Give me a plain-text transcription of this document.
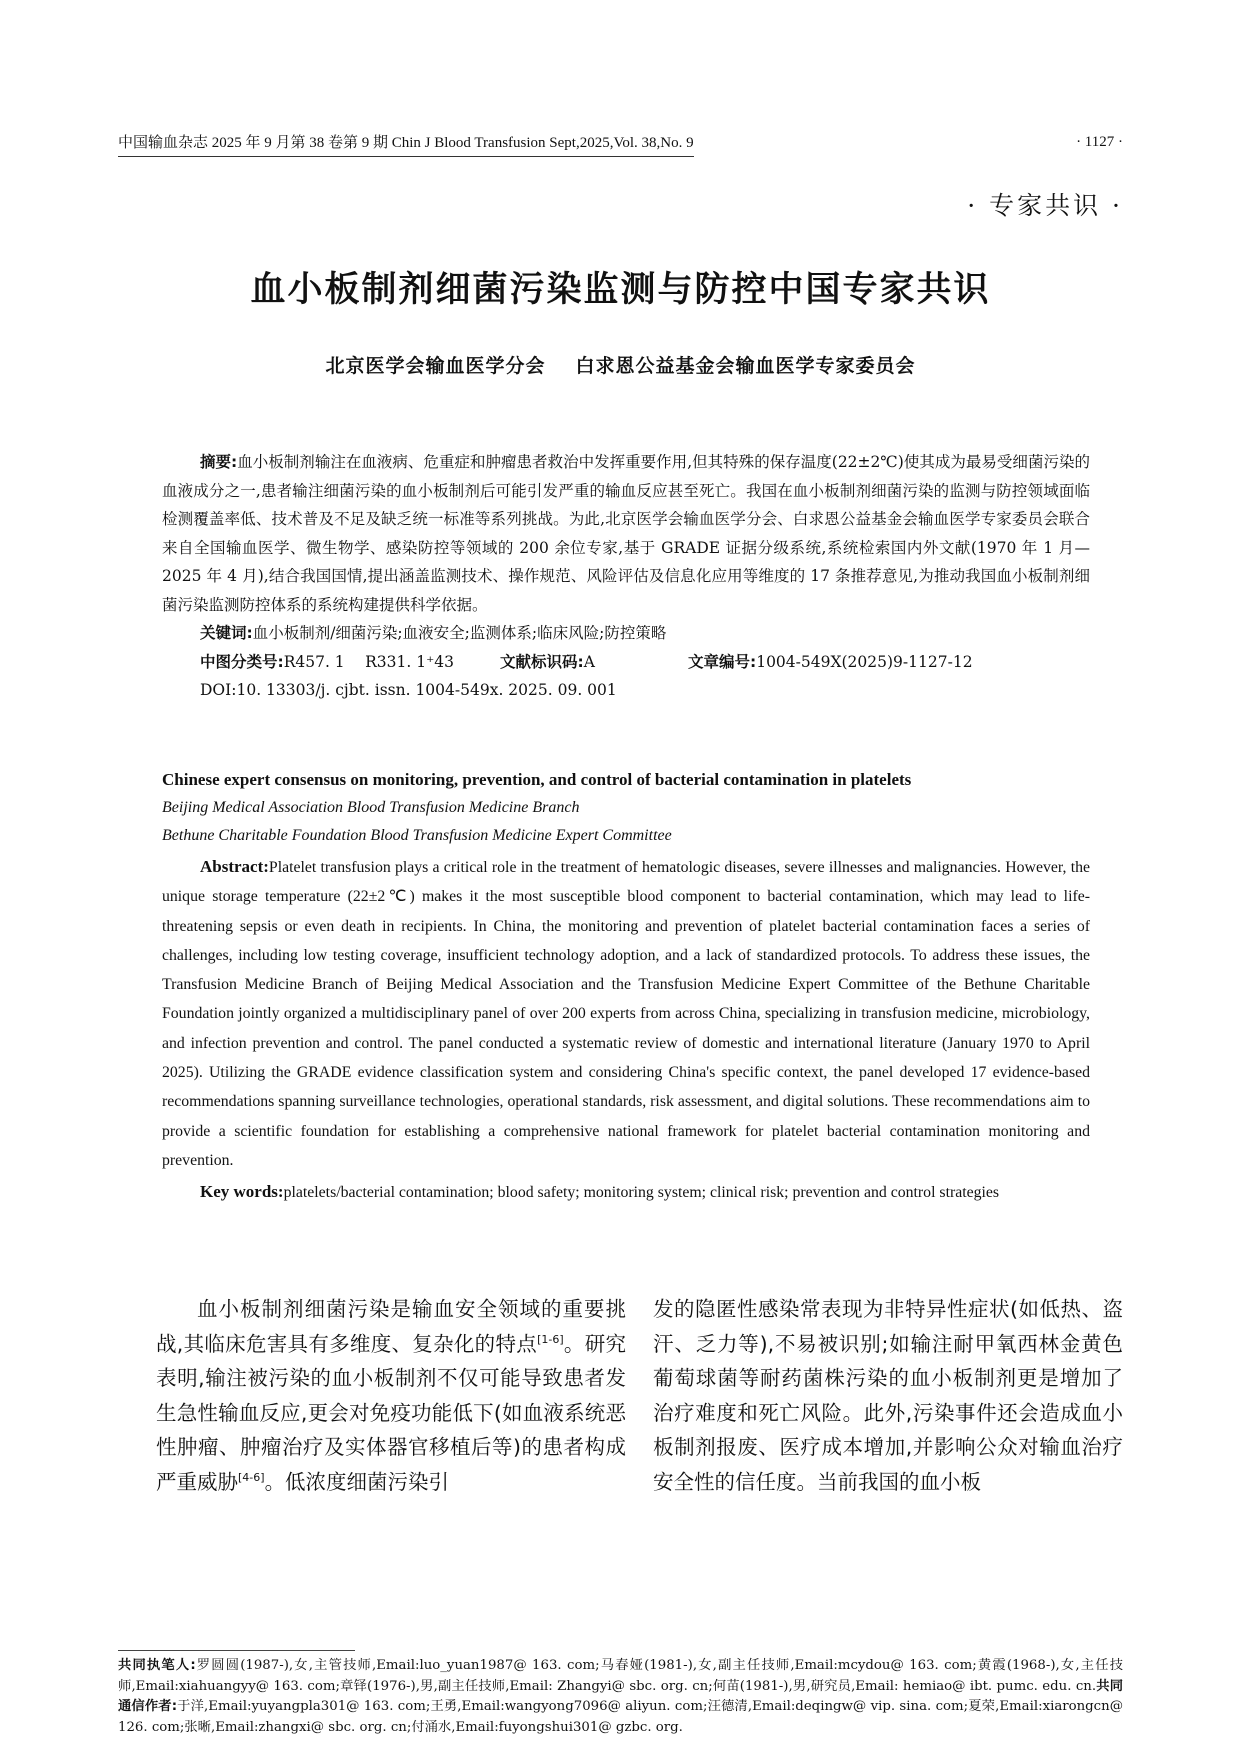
中国输血杂志 2025 年 9 月第 38 卷第 9 期 Chin J Blood Transfusion Sept,2025,Vol. 38,No. 9	· 1127 ·
· 专家共识 ·
血小板制剂细菌污染监测与防控中国专家共识
北京医学会输血医学分会 白求恩公益基金会输血医学专家委员会

摘要:血小板制剂输注在血液病、危重症和肿瘤患者救治中发挥重要作用,但其特殊的保存温度(22±2℃)使其成为最易受细菌污染的血液成分之一,患者输注细菌污染的血小板制剂后可能引发严重的输血反应甚至死亡。我国在血小板制剂细菌污染的监测与防控领域面临检测覆盖率低、技术普及不足及缺乏统一标准等系列挑战。为此,北京医学会输血医学分会、白求恩公益基金会输血医学专家委员会联合来自全国输血医学、微生物学、感染防控等领域的 200 余位专家,基于 GRADE 证据分级系统,系统检索国内外文献(1970 年 1 月—2025 年 4 月),结合我国国情,提出涵盖监测技术、操作规范、风险评估及信息化应用等维度的 17 条推荐意见,为推动我国血小板制剂细菌污染监测防控体系的系统构建提供科学依据。

关键词:血小板制剂/细菌污染;血液安全;监测体系;临床风险;防控策略

中图分类号:R457. 1　 R331. 1⁺43	文献标识码:A	文章编号:1004-549X(2025)9-1127-12

DOI:10. 13303/j. cjbt. issn. 1004-549x. 2025. 09. 001

Chinese expert consensus on monitoring, prevention, and control of bacterial contamination in platelets

Beijing Medical Association Blood Transfusion Medicine Branch

Bethune Charitable Foundation Blood Transfusion Medicine Expert Committee

Abstract:Platelet transfusion plays a critical role in the treatment of hematologic diseases, severe illnesses and malignancies. However, the unique storage temperature (22±2℃) makes it the most susceptible blood component to bacterial contamination, which may lead to life-threatening sepsis or even death in recipients. In China, the monitoring and prevention of platelet bacterial contamination faces a series of challenges, including low testing coverage, insufficient technology adoption, and a lack of standardized protocols. To address these issues, the Transfusion Medicine Branch of Beijing Medical Association and the Transfusion Medicine Expert Committee of the Bethune Charitable Foundation jointly organized a multidisciplinary panel of over 200 experts from across China, specializing in transfusion medicine, microbiology, and infection prevention and control. The panel conducted a systematic review of domestic and international literature (January 1970 to April 2025). Utilizing the GRADE evidence classification system and considering China's specific context, the panel developed 17 evidence-based recommendations spanning surveillance technologies, operational standards, risk assessment, and digital solutions. These recommendations aim to provide a scientific foundation for establishing a comprehensive national framework for platelet bacterial contamination monitoring and prevention.

Key words:platelets/bacterial contamination; blood safety; monitoring system; clinical risk; prevention and control strategies

血小板制剂细菌污染是输血安全领域的重要挑战,其临床危害具有多维度、复杂化的特点[1-6]。研究表明,输注被污染的血小板制剂不仅可能导致患者发生急性输血反应,更会对免疫功能低下(如血液系统恶性肿瘤、肿瘤治疗及实体器官移植后等)的患者构成严重威胁[4-6]。低浓度细菌污染引

发的隐匿性感染常表现为非特异性症状(如低热、盗汗、乏力等),不易被识别;如输注耐甲氧西林金黄色葡萄球菌等耐药菌株污染的血小板制剂更是增加了治疗难度和死亡风险。此外,污染事件还会造成血小板制剂报废、医疗成本增加,并影响公众对输血治疗安全性的信任度。当前我国的血小板

共同执笔人:罗圆圆(1987-),女,主管技师,Email:luo_yuan1987@ 163. com;马春娅(1981-),女,副主任技师,Email:mcydou@ 163. com;黄霞(1968-),女,主任技师,Email:xiahuangyy@ 163. com;章铎(1976-),男,副主任技师,Email: Zhangyi@ sbc. org. cn;何苗(1981-),男,研究员,Email: hemiao@ ibt. pumc. edu. cn.共同通信作者:于洋,Email:yuyangpla301@ 163. com;王勇,Email:wangyong7096@ aliyun. com;汪德清,Email:deqingw@ vip. sina. com;夏荣,Email:xiarongcn@ 126. com;张晰,Email:zhangxi@ sbc. org. cn;付涌水,Email:fuyongshui301@ gzbc. org.
